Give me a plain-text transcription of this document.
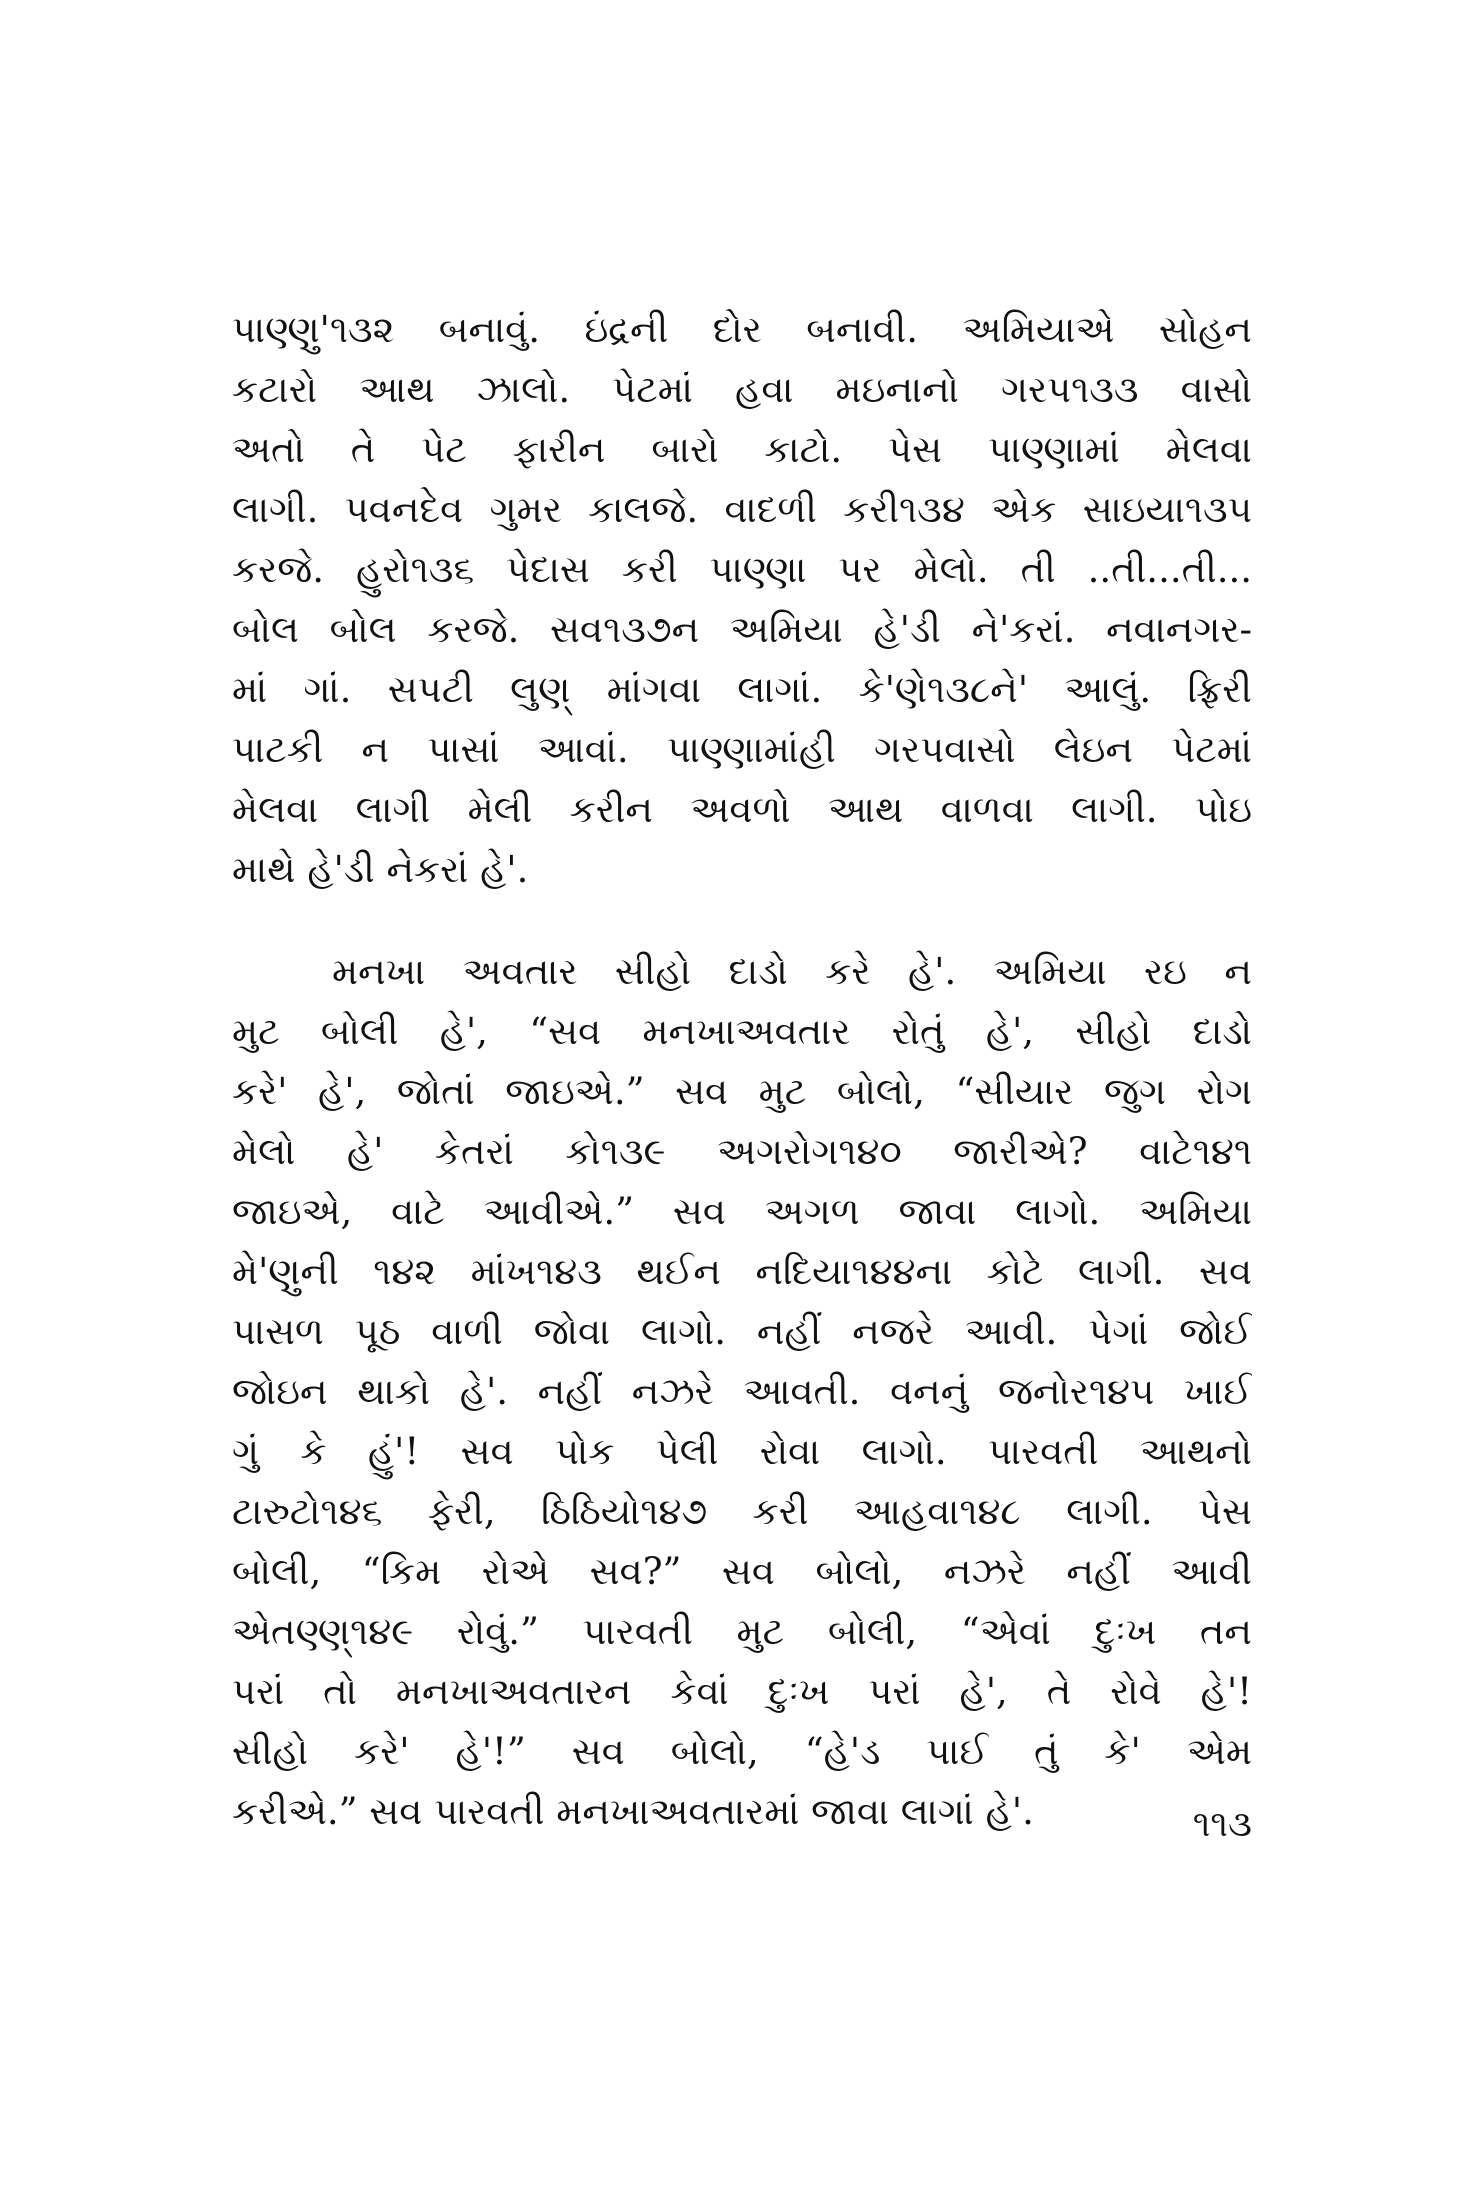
પાણ્ણુ'૧૩૨ બનાવું. ઇંદ્રની દોર બનાવી. અમિયાએ સોહન
કટારો આથ ઝાલો. પેટમાં હવા મઇનાનો ગરપ૧૩૩ વાસો
અતો તે પેટ ફારીન બારો કાટો. પેસ પાણ્ણામાં મેલવા
લાગી. પવનદેવ ગુમર કાલજે. વાદળી કરી૧૩૪ એક સાઇયા૧૩૫
કરજે. હુરો૧૩૬ પેદાસ કરી પાણ્ણા પર મેલો. તી ..તી...તી...
બોલ બોલ કરજે. સવ૧૩૭ન અમિયા હે'ડી ને'કરાં. નવાનગર-
માં ગાં. સપટી લુણ્ માંગવા લાગાં. કે'ણે૧૩૮ને' આલું. ફ્રિરી
પાટકી ન પાસાં આવાં. પાણ્ણામાંહી ગરપવાસો લેઇન પેટમાં
મેલવા લાગી મેલી કરીન અવળો આથ વાળવા લાગી. પોઇ
માથે હે'ડી નેકરાં હે'.
મનખા અવતાર સીહો દાડો કરે હે'. અમિયા રઇ ન
મુટ બોલી હે', “સવ મનખાઅવતાર રોતું હે', સીહો દાડો
કરે' હે', જોતાં જાઇએ.” સવ મુટ બોલો, “સીયાર જુગ રોગ
મેલો હે' કેતરાં કો૧૩૯ અગરોગ૧૪૦ જારીએ? વાટે૧૪૧
જાઇએ, વાટે આવીએ.” સવ અગળ જાવા લાગો. અમિયા
મે'ણુની ૧૪૨ માંખ૧૪૩ થઈન નદિયા૧૪૪ના કોટે લાગી. સવ
પાસળ પૂઠ વાળી જોવા લાગો. નહીં નજરે આવી. પેગાં જોઈ
જોઇન થાકો હે'. નહીં નઝરે આવતી. વનનું જનોર૧૪૫ ખાઈ
ગું કે હું'! સવ પોક પેલી રોવા લાગો. પારવતી આથનો
ટારુટો૧૪૬ ફેરી, ઠિઠિયો૧૪૭ કરી આહવા૧૪૮ લાગી. પેસ
બોલી, “કિમ રોએ સવ?” સવ બોલો, નઝરે નહીં આવી
એતણ્ણ્૧૪૯ રોવું.” પારવતી મુટ બોલી, “એવાં દુઃખ તન
પરાં તો મનખાઅવતારન કેવાં દુઃખ પરાં હે', તે રોવે હે'!
સીહો કરે' હે'!” સવ બોલો, “હે'ડ પાઈ તું કે' એમ
કરીએ.” સવ પારવતી મનખાઅવતારમાં જાવા લાગાં હે'.	૧૧૩
